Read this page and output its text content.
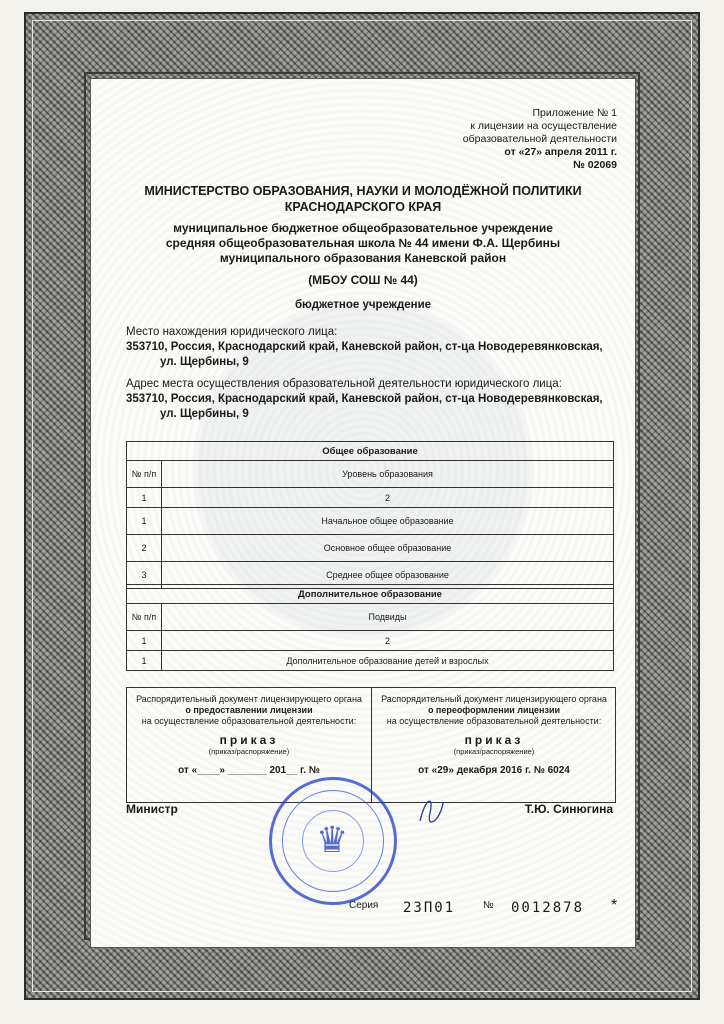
Приложение № 1
к лицензии на осуществление
образовательной деятельности
от «27» апреля 2011 г.
№ 02069
МИНИСТЕРСТВО ОБРАЗОВАНИЯ, НАУКИ И МОЛОДЁЖНОЙ ПОЛИТИКИ
КРАСНОДАРСКОГО КРАЯ
муниципальное бюджетное общеобразовательное учреждение
средняя общеобразовательная школа № 44 имени Ф.А. Щербины
муниципального образования Каневской район
(МБОУ СОШ № 44)
бюджетное учреждение
Место нахождения юридического лица:
353710, Россия, Краснодарский край, Каневской район, ст-ца Новодеревянковская,
ул. Щербины, 9
Адрес места осуществления образовательной деятельности юридического лица:
353710, Россия, Краснодарский край, Каневской район, ст-ца Новодеревянковская,
ул. Щербины, 9
Общее образование	
№ п/п	Уровень образования
1	2
1	Начальное общее образование
2	Основное общее образование
3	Среднее общее образование
Дополнительное образование	
№ п/п	Подвиды
1	2
1	Дополнительное образование детей и взрослых
Распорядительный документ лицензирующего органа
о предоставлении лицензии
на осуществление образовательной деятельности:
приказ
(приказ/распоряжение)
от «____» _______ 201__ г. №
Распорядительный документ лицензирующего органа
о переоформлении лицензии
на осуществление образовательной деятельности:
приказ
(приказ/распоряжение)
от «29» декабря 2016 г. № 6024
Министр	Т.Ю. Синюгина
♛
Серия 23П01	№ 0012878 *
